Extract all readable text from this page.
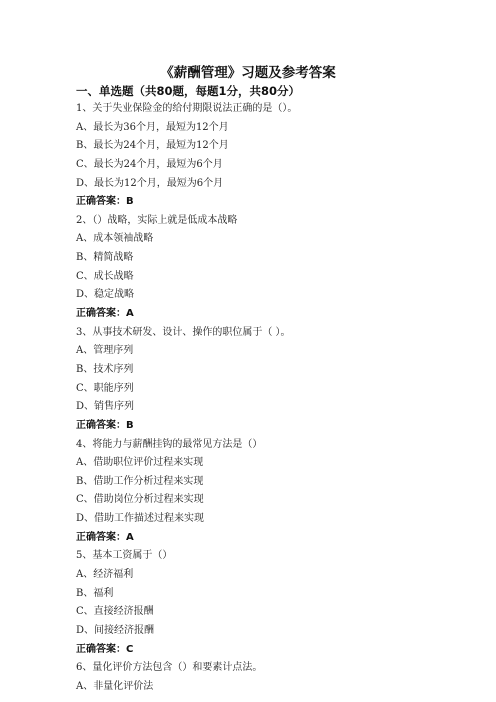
《薪酬管理》习题及参考答案
一、单选题（共80题，每题1分，共80分）
1、关于失业保险金的给付期限说法正确的是（）。
A、最长为36个月，最短为12个月
B、最长为24个月，最短为12个月
C、最长为24个月，最短为6个月
D、最长为12个月，最短为6个月
正确答案：B
2、（）战略，实际上就是低成本战略
A、成本领袖战略
B、精简战略
C、成长战略
D、稳定战略
正确答案：A
3、从事技术研发、设计、操作的职位属于（ ）。
A、管理序列
B、技术序列
C、职能序列
D、销售序列
正确答案：B
4、将能力与薪酬挂钩的最常见方法是（）
A、借助职位评价过程来实现
B、借助工作分析过程来实现
C、借助岗位分析过程来实现
D、借助工作描述过程来实现
正确答案：A
5、基本工资属于（）
A、经济福利
B、福利
C、直接经济报酬
D、间接经济报酬
正确答案：C
6、量化评价方法包含（）和要素计点法。
A、非量化评价法
